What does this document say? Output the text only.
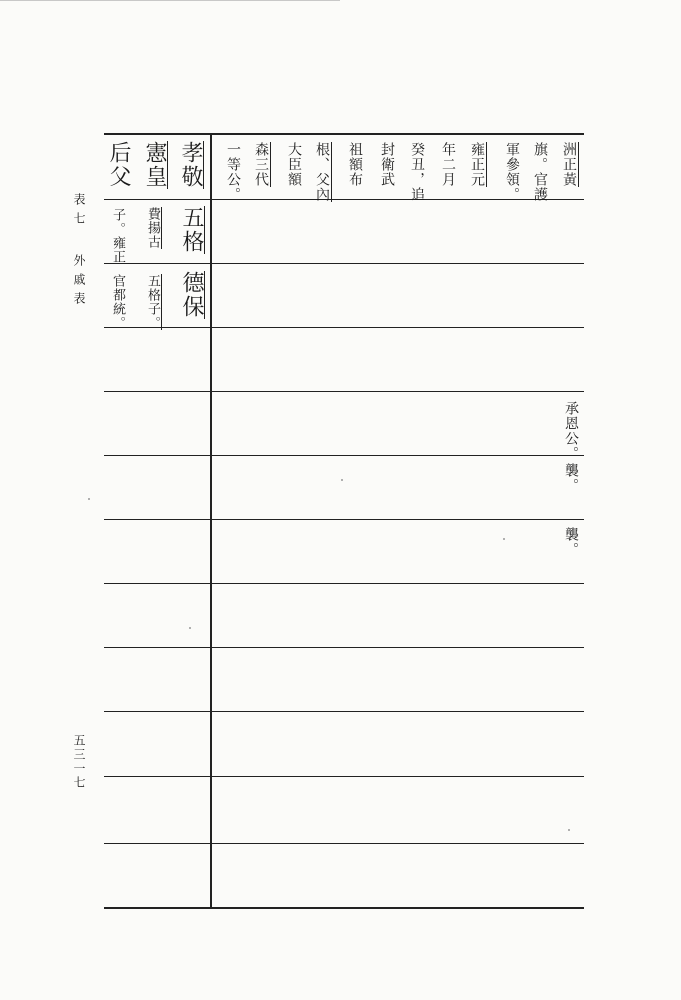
表七
外戚表
五三一七
孝敬
憲皇
后父	洲正黃
旗。官護
軍參領。
雍正元
年二月
癸丑，追
封衛武
祖額布
根、父內
大臣額
森三代
一等公。
五格
費揚古
子。雍正
德保
五格子。
官都統。
承恩公。
襲。
襲。
